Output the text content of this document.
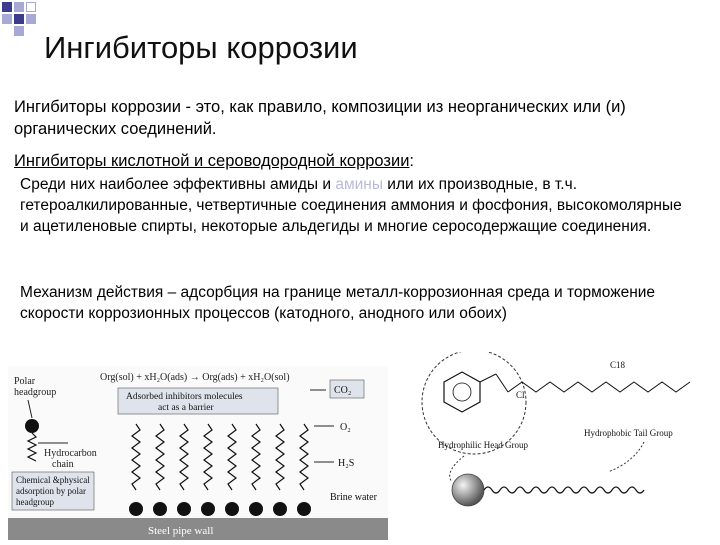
Ингибиторы коррозии
Ингибиторы коррозии - это, как правило, композиции из неорганических или (и) органических соединений.
Ингибиторы кислотной и сероводородной коррозии:
Среди них наиболее эффективны амиды и амины или их производные, в т.ч. гетероалкилированные, четвертичные соединения аммония и фосфония, высокомолярные и ацетиленовые спирты, некоторые альдегиды и многие серосодержащие соединения.
Механизм действия – адсорбция на границе металл-коррозионная среда и торможение скорости коррозионных процессов (катодного, анодного или обоих)
Steel pipe wall
Polar
headgroup
Hydrocarbon
chain
Chemical &physical
adsorption by polar
headgroup
Org(sol) + xH₂O(ads) → Org(ads) + xH₂O(sol)
Adsorbed inhibitors molecules
act as a barrier
CO₂
O₂
H₂S
Brine water
Cl
C18
Hydrophobic Tail Group
Hydrophilic Head Group
